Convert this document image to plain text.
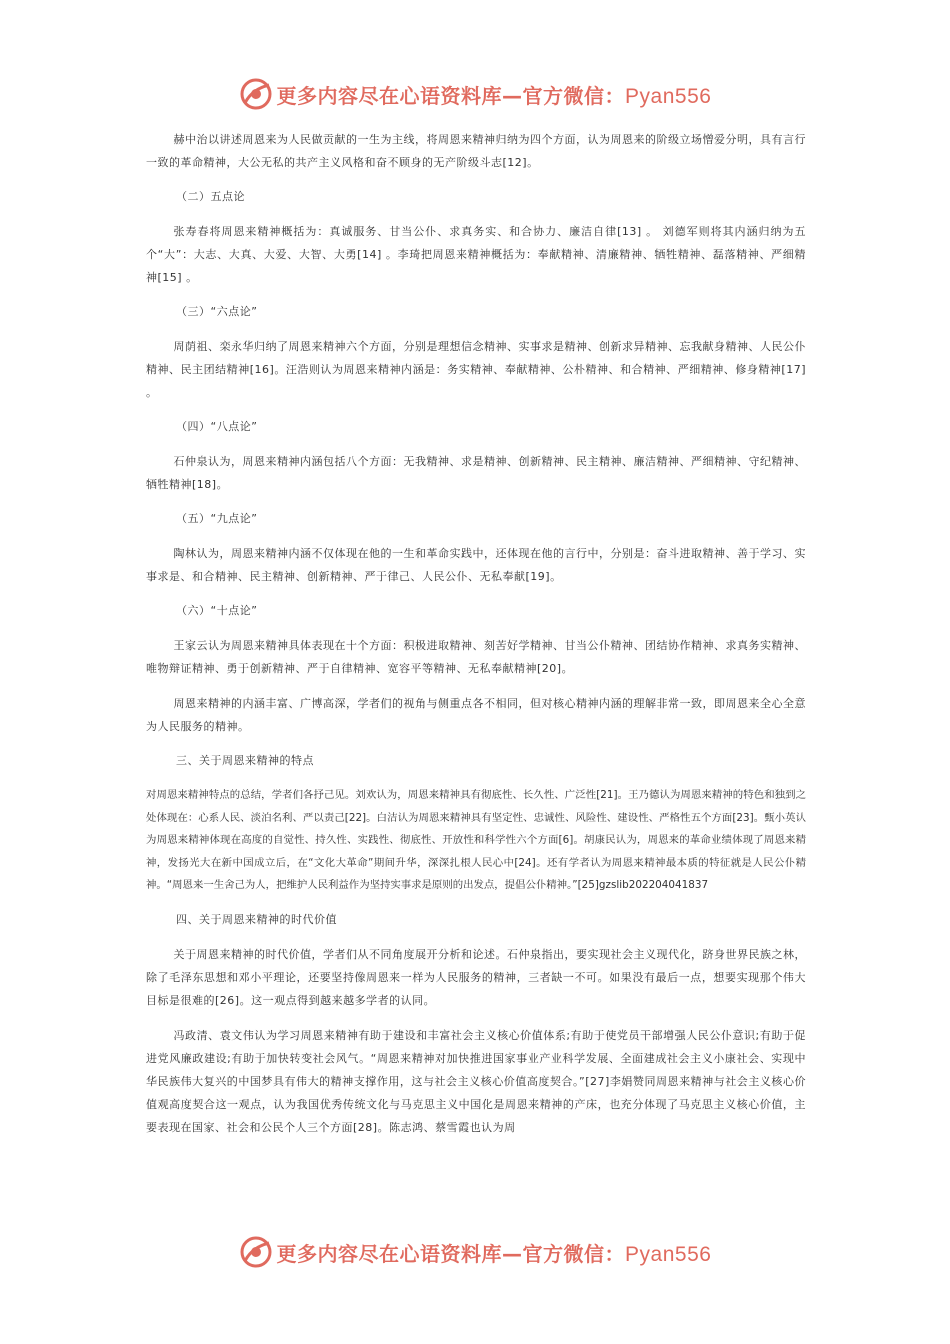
更多内容尽在心语资料库—官方微信：Pyan556

赫中治以讲述周恩来为人民做贡献的一生为主线，将周恩来精神归纳为四个方面，认为周恩来的阶级立场憎爱分明，具有言行一致的革命精神，大公无私的共产主义风格和奋不顾身的无产阶级斗志[12]。

（二）五点论

张寿春将周恩来精神概括为：真诚服务、甘当公仆、求真务实、和合协力、廉洁自律[13] 。 刘德军则将其内涵归纳为五个“大”：大志、大真、大爱、大智、大勇[14] 。李琦把周恩来精神概括为：奉献精神、清廉精神、牺牲精神、磊落精神、严细精神[15] 。

（三）“六点论”

周荫祖、栾永华归纳了周恩来精神六个方面，分别是理想信念精神、实事求是精神、创新求异精神、忘我献身精神、人民公仆精神、民主团结精神[16]。汪浩则认为周恩来精神内涵是：务实精神、奉献精神、公朴精神、和合精神、严细精神、修身精神[17] 。

（四）“八点论”

石仲泉认为，周恩来精神内涵包括八个方面：无我精神、求是精神、创新精神、民主精神、廉洁精神、严细精神、守纪精神、牺牲精神[18]。

（五）“九点论”

陶林认为，周恩来精神内涵不仅体现在他的一生和革命实践中，还体现在他的言行中，分别是：奋斗进取精神、善于学习、实事求是、和合精神、民主精神、创新精神、严于律己、人民公仆、无私奉献[19]。

（六）“十点论”

王家云认为周恩来精神具体表现在十个方面：积极进取精神、刻苦好学精神、甘当公仆精神、团结协作精神、求真务实精神、唯物辩证精神、勇于创新精神、严于自律精神、宽容平等精神、无私奉献精神[20]。

周恩来精神的内涵丰富、广博高深，学者们的视角与侧重点各不相同，但对核心精神内涵的理解非常一致，即周恩来全心全意为人民服务的精神。

三、关于周恩来精神的特点

对周恩来精神特点的总结，学者们各抒己见。刘欢认为，周恩来精神具有彻底性、长久性、广泛性[21]。王乃德认为周恩来精神的特色和独到之处体现在：心系人民、淡泊名利、严以责己[22]。白洁认为周恩来精神具有坚定性、忠诚性、风险性、建设性、严格性五个方面[23]。甄小英认为周恩来精神体现在高度的自觉性、持久性、实践性、彻底性、开放性和科学性六个方面[6]。胡康民认为，周恩来的革命业绩体现了周恩来精神，发扬光大在新中国成立后，在“文化大革命”期间升华，深深扎根人民心中[24]。还有学者认为周恩来精神最本质的特征就是人民公仆精神。“周恩来一生舍己为人，把维护人民利益作为坚持实事求是原则的出发点，提倡公仆精神。”[25]gzslib202204041837

四、关于周恩来精神的时代价值

关于周恩来精神的时代价值，学者们从不同角度展开分析和论述。石仲泉指出，要实现社会主义现代化，跻身世界民族之林，除了毛泽东思想和邓小平理论，还要坚持像周恩来一样为人民服务的精神，三者缺一不可。如果没有最后一点，想要实现那个伟大目标是很难的[26]。这一观点得到越来越多学者的认同。

冯政清、袁文伟认为学习周恩来精神有助于建设和丰富社会主义核心价值体系;有助于使党员干部增强人民公仆意识;有助于促进党风廉政建设;有助于加快转变社会风气。“周恩来精神对加快推进国家事业产业科学发展、全面建成社会主义小康社会、实现中华民族伟大复兴的中国梦具有伟大的精神支撑作用，这与社会主义核心价值高度契合。”[27]李娟赞同周恩来精神与社会主义核心价值观高度契合这一观点，认为我国优秀传统文化与马克思主义中国化是周恩来精神的产床，也充分体现了马克思主义核心价值，主要表现在国家、社会和公民个人三个方面[28]。陈志鸿、蔡雪霞也认为周

更多内容尽在心语资料库—官方微信：Pyan556
